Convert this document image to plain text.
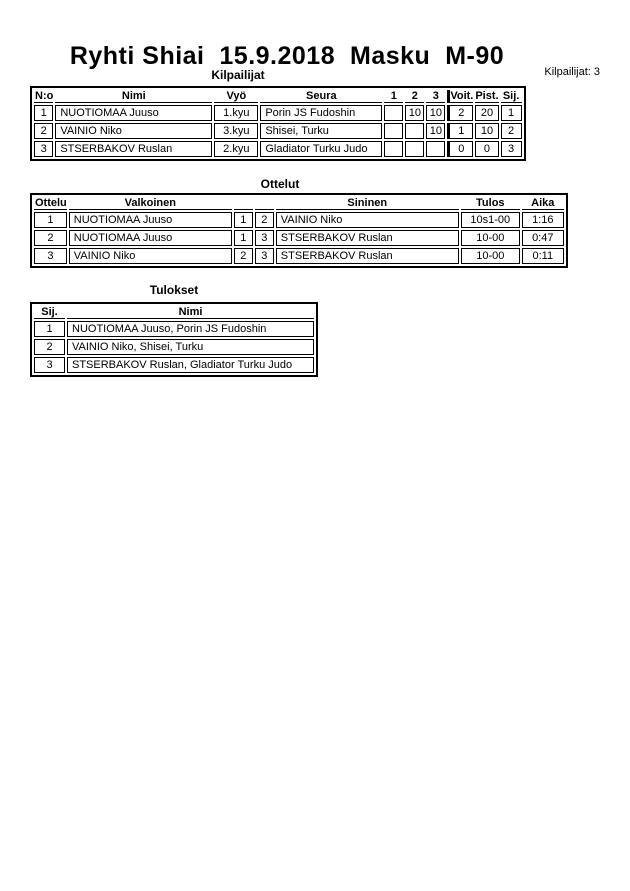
Ryhti Shiai  15.9.2018  Masku  M-90
Kilpailijat	Kilpailijat: 3
N:o	Nimi	Vyö	Seura	1	2	3	Voit.	Pist.	Sij.
1	NUOTIOMAA Juuso	1.kyu	Porin JS Fudoshin		10	10	2	20	1
2	VAINIO Niko	3.kyu	Shisei, Turku			10	1	10	2
3	STSERBAKOV Ruslan	2.kyu	Gladiator Turku Judo				0	0	3
Ottelut
Ottelu	Valkoinen			Sininen	Tulos	Aika
1	NUOTIOMAA Juuso	1	2	VAINIO Niko	10s1-00	1:16
2	NUOTIOMAA Juuso	1	3	STSERBAKOV Ruslan	10-00	0:47
3	VAINIO Niko	2	3	STSERBAKOV Ruslan	10-00	0:11
Tulokset
Sij.	Nimi
1	NUOTIOMAA Juuso, Porin JS Fudoshin
2	VAINIO Niko, Shisei, Turku
3	STSERBAKOV Ruslan, Gladiator Turku Judo
